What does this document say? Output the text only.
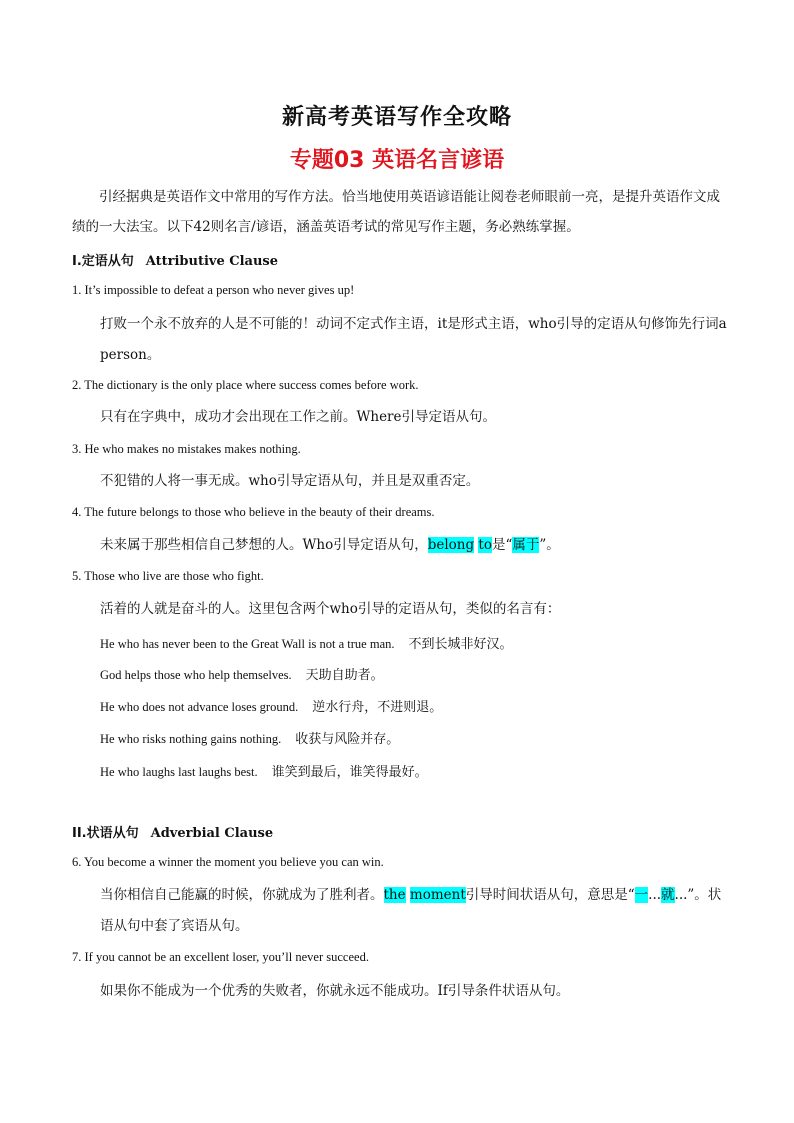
新高考英语写作全攻略
专题03 英语名言谚语
引经据典是英语作文中常用的写作方法。恰当地使用英语谚语能让阅卷老师眼前一亮，是提升英语作文成绩的一大法宝。以下42则名言/谚语，涵盖英语考试的常见写作主题，务必熟练掌握。
I.定语从句 Attributive Clause
1. It’s impossible to defeat a person who never gives up!
打败一个永不放弃的人是不可能的！动词不定式作主语，it是形式主语，who引导的定语从句修饰先行词a person。
2. The dictionary is the only place where success comes before work.
只有在字典中，成功才会出现在工作之前。Where引导定语从句。
3. He who makes no mistakes makes nothing.
不犯错的人将一事无成。who引导定语从句，并且是双重否定。
4. The future belongs to those who believe in the beauty of their dreams.
未来属于那些相信自己梦想的人。Who引导定语从句，belong to是“属于”。
5. Those who live are those who fight.
活着的人就是奋斗的人。这里包含两个who引导的定语从句，类似的名言有：
He who has never been to the Great Wall is not a true man. 不到长城非好汉。
God helps those who help themselves. 天助自助者。
He who does not advance loses ground. 逆水行舟，不进则退。
He who risks nothing gains nothing. 收获与风险并存。
He who laughs last laughs best. 谁笑到最后，谁笑得最好。
II.状语从句 Adverbial Clause
6. You become a winner the moment you believe you can win.
当你相信自己能赢的时候，你就成为了胜利者。the moment引导时间状语从句，意思是“一...就...”。状语从句中套了宾语从句。
7. If you cannot be an excellent loser, you’ll never succeed.
如果你不能成为一个优秀的失败者，你就永远不能成功。If引导条件状语从句。
